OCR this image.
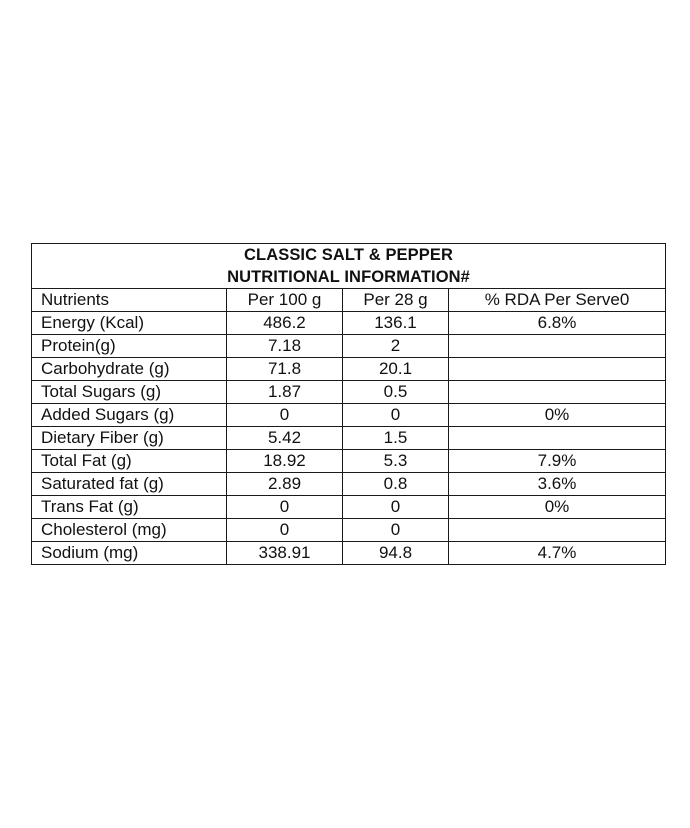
CLASSIC SALT & PEPPER			
NUTRITIONAL INFORMATION#			
Nutrients	Per 100 g	Per 28 g	% RDA Per Serve0
Energy (Kcal)	486.2	136.1	6.8%
Protein(g)	7.18	2	
Carbohydrate (g)	71.8	20.1	
Total Sugars (g)	1.87	0.5	
Added Sugars (g)	0	0	0%
Dietary Fiber (g)	5.42	1.5	
Total Fat (g)	18.92	5.3	7.9%
Saturated fat (g)	2.89	0.8	3.6%
Trans Fat (g)	0	0	0%
Cholesterol (mg)	0	0	
Sodium (mg)	338.91	94.8	4.7%
